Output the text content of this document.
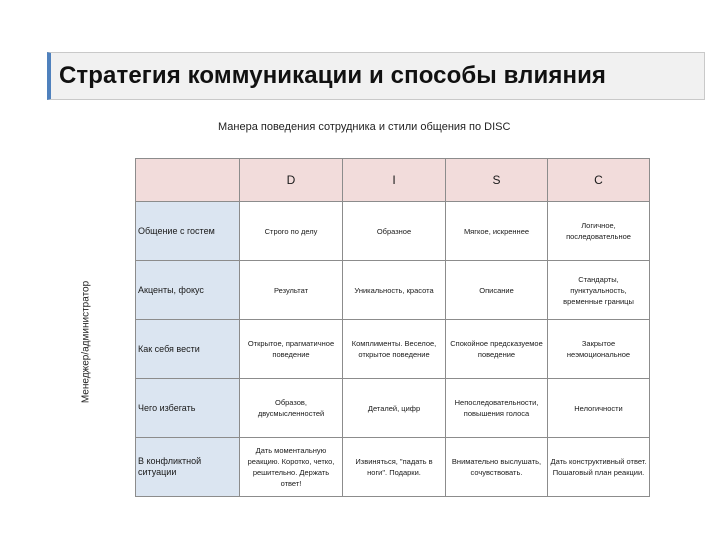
Стратегия коммуникации и способы влияния
Манера поведения сотрудника и стили общения по DISC
Менеджер/администратор
	D	I	S	C
Общение с гостем	Строго по делу	Образное	Мягкое, искреннее	Логичное, последовательное
Акценты, фокус	Результат	Уникальность, красота	Описание	Стандарты, пунктуальность, временные границы
Как себя вести	Открытое, прагматичное поведение	Комплименты. Веселое, открытое поведение	Спокойное предсказуемое поведение	Закрытое неэмоциональное
Чего избегать	Образов, двусмысленностей	Деталей, цифр	Непоследовательности, повышения голоса	Нелогичности
В конфликтной ситуации	Дать моментальную реакцию. Коротко, четко, решительно. Держать ответ!	Извиняться, "падать в ноги". Подарки.	Внимательно выслушать, сочувствовать.	Дать конструктивный ответ. Пошаговый план реакции.
